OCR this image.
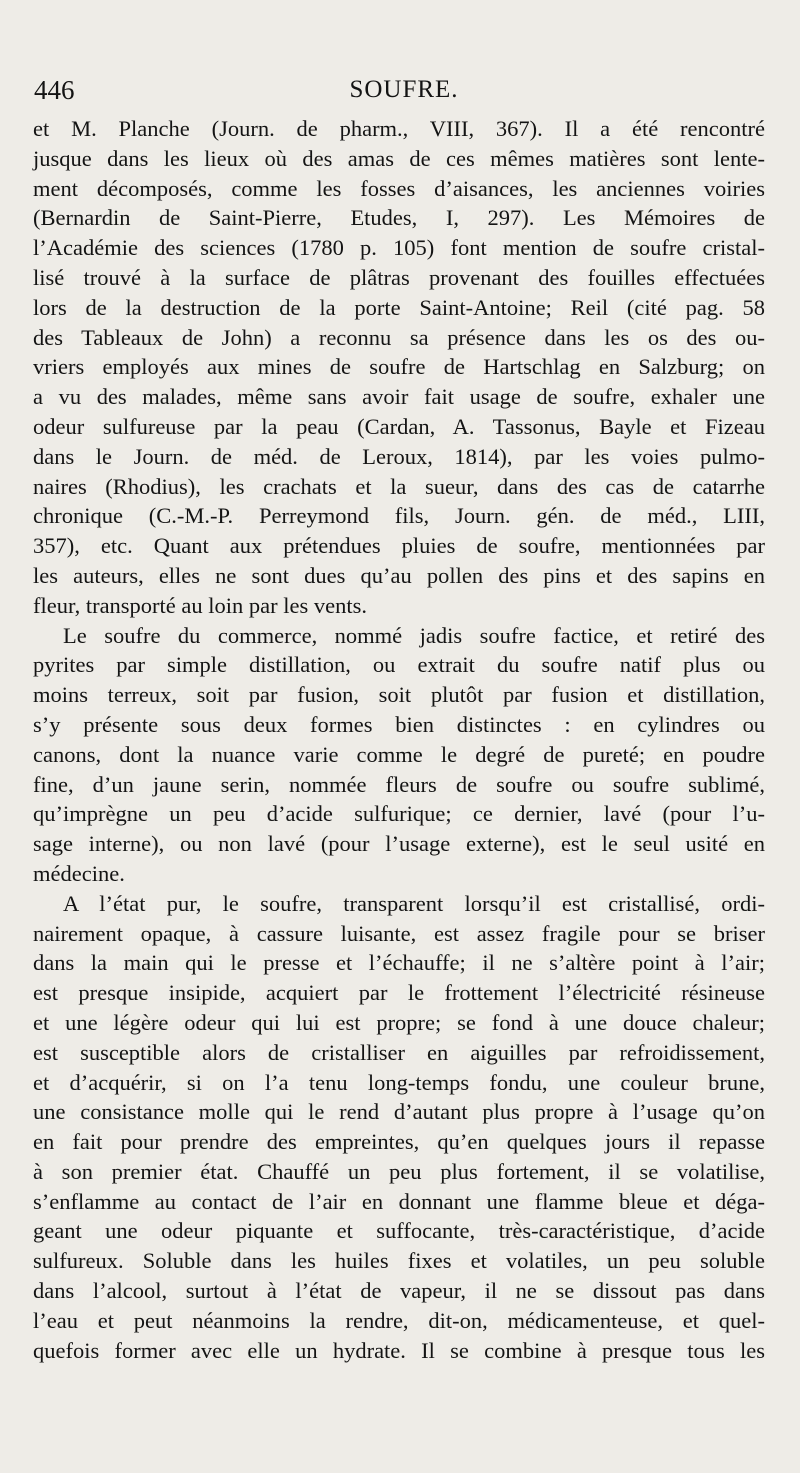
446	SOUFRE.

et M. Planche (Journ. de pharm., VIII, 367). Il a été rencontré
jusque dans les lieux où des amas de ces mêmes matières sont lente-
ment décomposés, comme les fosses d’aisances, les anciennes voiries
(Bernardin de Saint-Pierre, Etudes, I, 297). Les Mémoires de
l’Académie des sciences (1780 p. 105) font mention de soufre cristal-
lisé trouvé à la surface de plâtras provenant des fouilles effectuées
lors de la destruction de la porte Saint-Antoine; Reil (cité pag. 58
des Tableaux de John) a reconnu sa présence dans les os des ou-
vriers employés aux mines de soufre de Hartschlag en Salzburg; on
a vu des malades, même sans avoir fait usage de soufre, exhaler une
odeur sulfureuse par la peau (Cardan, A. Tassonus, Bayle et Fizeau
dans le Journ. de méd. de Leroux, 1814), par les voies pulmo-
naires (Rhodius), les crachats et la sueur, dans des cas de catarrhe
chronique (C.-M.-P. Perreymond fils, Journ. gén. de méd., LIII,
357), etc. Quant aux prétendues pluies de soufre, mentionnées par
les auteurs, elles ne sont dues qu’au pollen des pins et des sapins en
fleur, transporté au loin par les vents.

Le soufre du commerce, nommé jadis soufre factice, et retiré des
pyrites par simple distillation, ou extrait du soufre natif plus ou
moins terreux, soit par fusion, soit plutôt par fusion et distillation,
s’y présente sous deux formes bien distinctes : en cylindres ou
canons, dont la nuance varie comme le degré de pureté; en poudre
fine, d’un jaune serin, nommée fleurs de soufre ou soufre sublimé,
qu’imprègne un peu d’acide sulfurique; ce dernier, lavé (pour l’u-
sage interne), ou non lavé (pour l’usage externe), est le seul usité en
médecine.

A l’état pur, le soufre, transparent lorsqu’il est cristallisé, ordi-
nairement opaque, à cassure luisante, est assez fragile pour se briser
dans la main qui le presse et l’échauffe; il ne s’altère point à l’air;
est presque insipide, acquiert par le frottement l’électricité résineuse
et une légère odeur qui lui est propre; se fond à une douce chaleur;
est susceptible alors de cristalliser en aiguilles par refroidissement,
et d’acquérir, si on l’a tenu long-temps fondu, une couleur brune,
une consistance molle qui le rend d’autant plus propre à l’usage qu’on
en fait pour prendre des empreintes, qu’en quelques jours il repasse
à son premier état. Chauffé un peu plus fortement, il se volatilise,
s’enflamme au contact de l’air en donnant une flamme bleue et déga-
geant une odeur piquante et suffocante, très-caractéristique, d’acide
sulfureux. Soluble dans les huiles fixes et volatiles, un peu soluble
dans l’alcool, surtout à l’état de vapeur, il ne se dissout pas dans
l’eau et peut néanmoins la rendre, dit-on, médicamenteuse, et quel-
quefois former avec elle un hydrate. Il se combine à presque tous les
